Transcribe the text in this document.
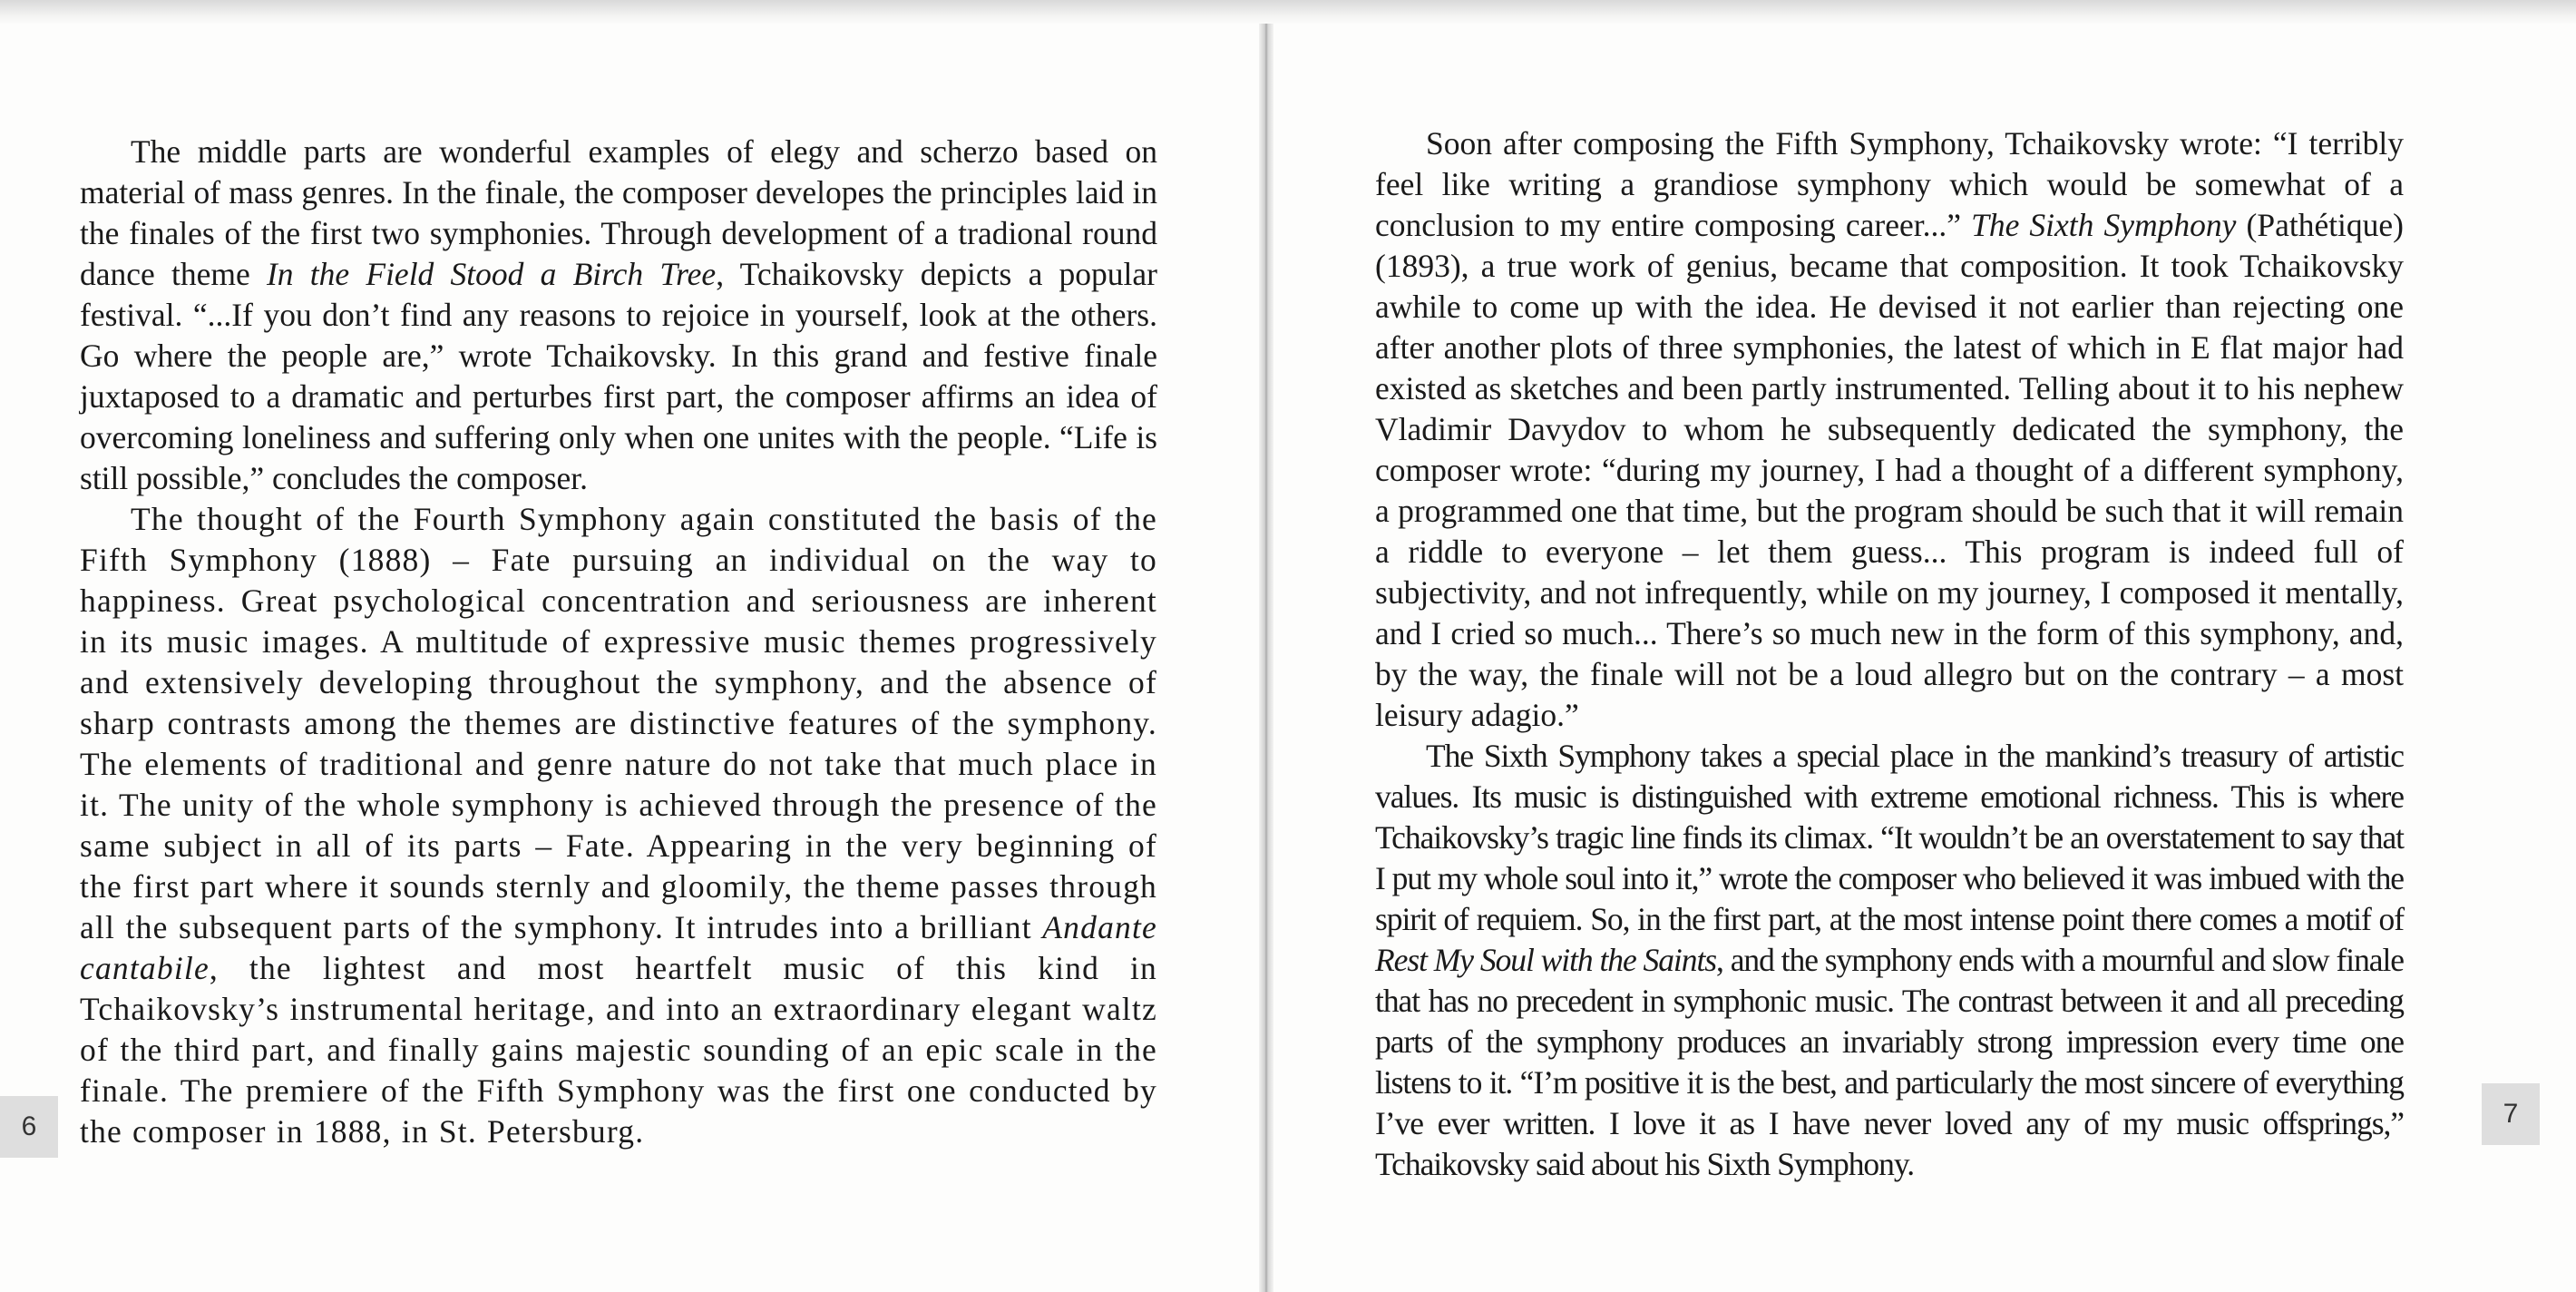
The middle parts are wonderful examples of elegy and scherzo based on material of mass genres. In the finale, the composer developes the principles laid in the finales of the first two symphonies. Through development of a tradional round dance theme In the Field Stood a Birch Tree, Tchaikovsky depicts a popular festival. “...If you don’t find any reasons to rejoice in yourself, look at the others. Go where the people are,” wrote Tchaikovsky. In this grand and festive finale juxtaposed to a dramatic and perturbes first part, the composer affirms an idea of overcoming loneliness and suffering only when one unites with the people. “Life is still possible,” concludes the composer.

The thought of the Fourth Symphony again constituted the basis of the Fifth Symphony (1888) – Fate pursuing an individual on the way to happiness. Great psychological concentration and seriousness are inherent in its music images. A multitude of expressive music themes progressively and extensively developing throughout the symphony, and the absence of sharp contrasts among the themes are distinctive features of the symphony. The elements of traditional and genre nature do not take that much place in it. The unity of the whole symphony is achieved through the presence of the same subject in all of its parts – Fate. Appearing in the very beginning of the first part where it sounds sternly and gloomily, the theme passes through all the subsequent parts of the symphony. It intrudes into a brilliant Andante cantabile, the lightest and most heartfelt music of this kind in Tchaikovsky’s instrumental heritage, and into an extraordinary elegant waltz of the third part, and finally gains majestic sounding of an epic scale in the finale. The premiere of the Fifth Symphony was the first one conducted by the composer in 1888, in St. Petersburg.

Soon after composing the Fifth Symphony, Tchaikovsky wrote: “I terribly feel like writing a grandiose symphony which would be somewhat of a conclusion to my entire composing career...” The Sixth Symphony (Pathétique) (1893), a true work of genius, became that composition. It took Tchaikovsky awhile to come up with the idea. He devised it not earlier than rejecting one after another plots of three symphonies, the latest of which in E flat major had existed as sketches and been partly instrumented. Telling about it to his nephew Vladimir Davydov to whom he subsequently dedicated the symphony, the composer wrote: “during my journey, I had a thought of a different symphony, a programmed one that time, but the program should be such that it will remain a riddle to everyone – let them guess... This program is indeed full of subjectivity, and not infrequently, while on my journey, I composed it mentally, and I cried so much... There’s so much new in the form of this symphony, and, by the way, the finale will not be a loud allegro but on the contrary – a most leisury adagio.”

The Sixth Symphony takes a special place in the mankind’s treasury of artistic values. Its music is distinguished with extreme emotional richness. This is where Tchaikovsky’s tragic line finds its climax. “It wouldn’t be an overstatement to say that I put my whole soul into it,” wrote the composer who believed it was imbued with the spirit of requiem. So, in the first part, at the most intense point there comes a motif of Rest My Soul with the Saints, and the symphony ends with a mournful and slow finale that has no precedent in symphonic music. The contrast between it and all preceding parts of the symphony produces an invariably strong impression every time one listens to it. “I’m positive it is the best, and particularly the most sincere of everything I’ve ever written. I love it as I have never loved any of my music offsprings,” Tchaikovsky said about his Sixth Symphony.

6	7
